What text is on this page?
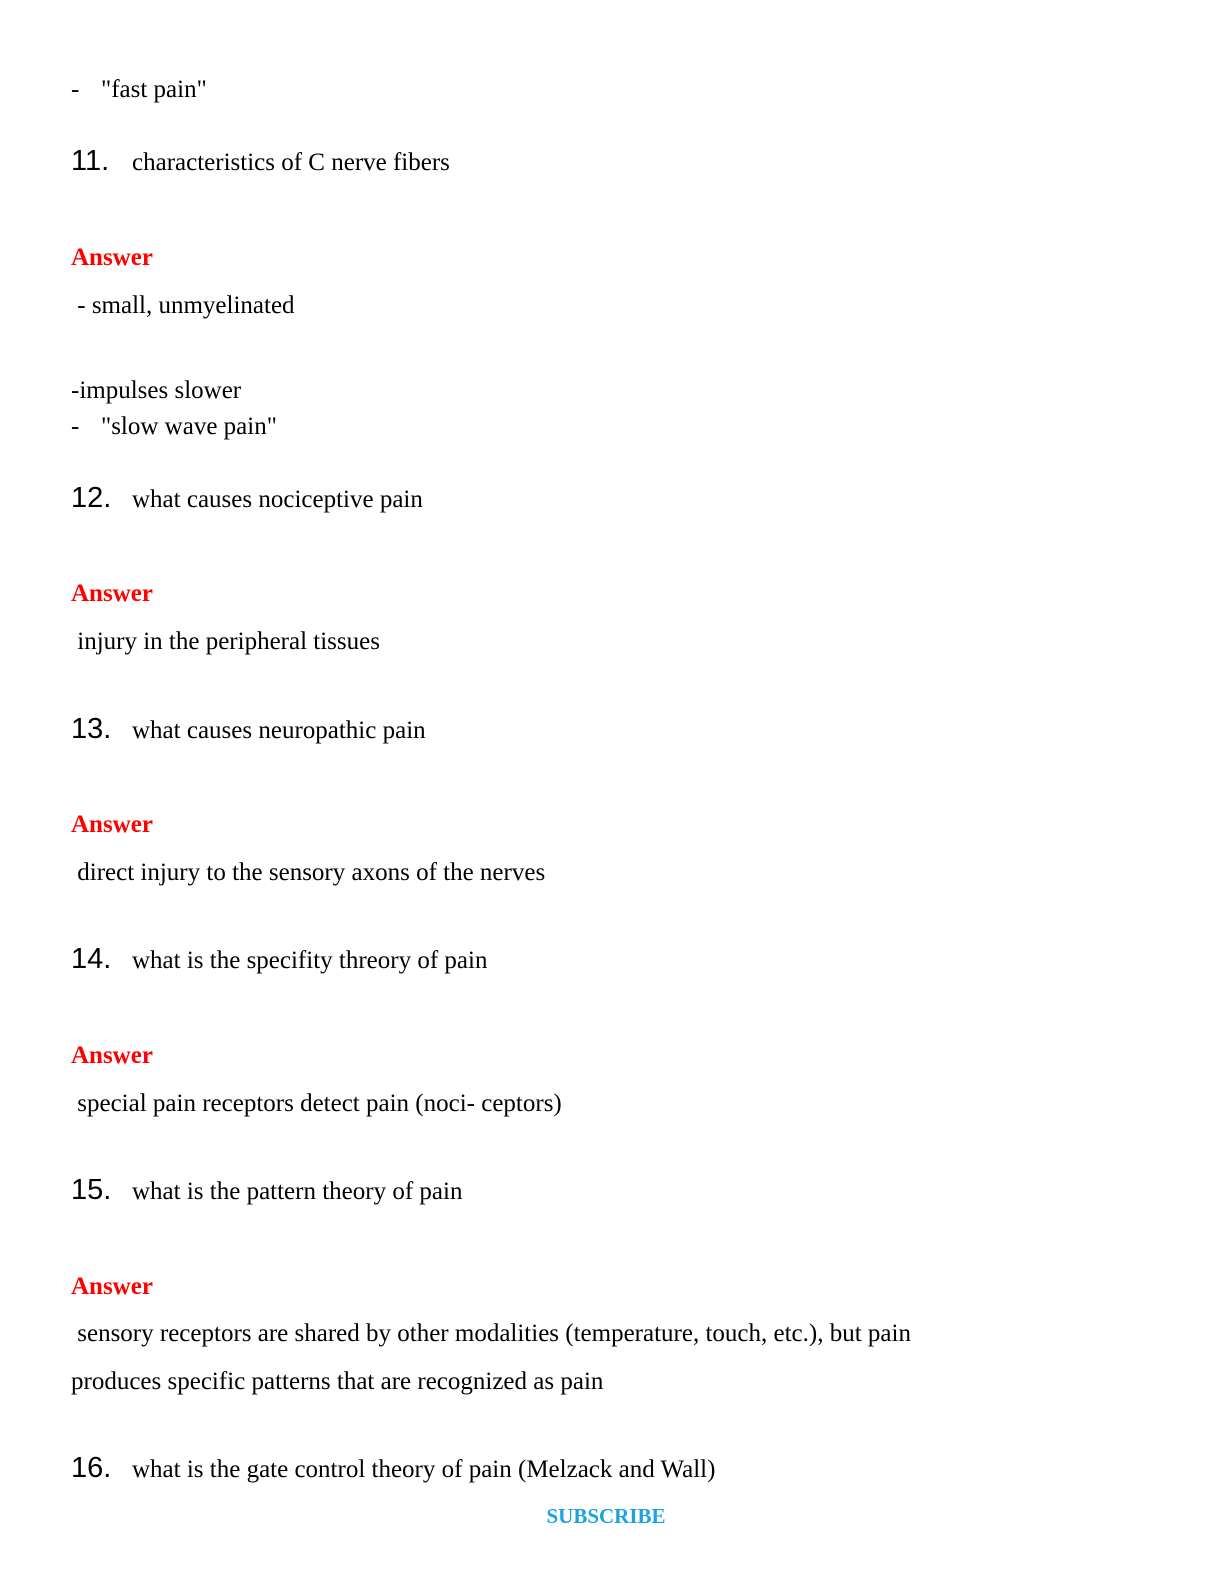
- "fast pain"
11. characteristics of C nerve fibers
Answer
- small, unmyelinated
-impulses slower
- "slow wave pain"
12. what causes nociceptive pain
Answer
injury in the peripheral tissues
13. what causes neuropathic pain
Answer
direct injury to the sensory axons of the nerves
14. what is the specifity threory of pain
Answer
special pain receptors detect pain (noci- ceptors)
15. what is the pattern theory of pain
Answer
sensory receptors are shared by other modalities (temperature, touch, etc.), but pain
produces specific patterns that are recognized as pain
16. what is the gate control theory of pain (Melzack and Wall)
SUBSCRIBE
